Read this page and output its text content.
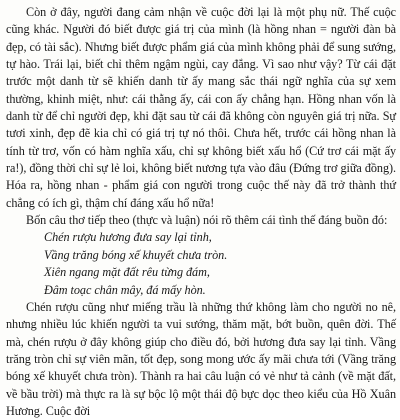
Còn ở đây, người đang cảm nhận về cuộc đời lại là một phụ nữ. Thế cuộc cũng khác. Người đó biết được giá trị của mình (là hồng nhan = người đàn bà đẹp, có tài sắc). Nhưng biết được phẩm giá của mình không phải để sung sướng, tự hào. Trái lại, biết chỉ thêm ngậm ngùi, cay đắng. Vì sao như vậy? Từ cái đặt trước một danh từ sẽ khiến danh từ ấy mang sắc thái ngữ nghĩa của sự xem thường, khinh miệt, như: cái thằng ấy, cái con ấy chẳng hạn. Hồng nhan vốn là danh từ để chỉ người đẹp, khi đặt sau từ cái đã không còn nguyên giá trị nữa. Sự tươi xinh, đẹp đẽ kia chỉ có giá trị tự nó thôi. Chưa hết, trước cái hồng nhan là tính từ trơ, vốn có hàm nghĩa xấu, chỉ sự không biết xấu hổ (Cứ trơ cái mặt ấy ra!), đồng thời chỉ sự lẻ loi, không biết nương tựa vào đâu (Đứng trơ giữa đồng). Hóa ra, hồng nhan - phẩm giá con người trong cuộc thế này đã trở thành thứ chẳng có ích gì, thậm chí đáng xấu hổ nữa!

Bốn câu thơ tiếp theo (thực và luận) nói rõ thêm cái tình thế đáng buồn đó:

Chén rượu hương đưa say lại tỉnh,
Vầng trăng bóng xế khuyết chưa tròn.
Xiên ngang mặt đất rêu từng đám,
Đâm toạc chân mây, đá mấy hòn.

Chén rượu cũng như miếng trầu là những thứ không làm cho người no nê, nhưng nhiều lúc khiến người ta vui sướng, thăm mặt, bớt buồn, quên đời. Thế mà, chén rượu ở đây không giúp cho điều đó, bởi hương đưa say lại tỉnh. Vầng trăng tròn chỉ sự viên mãn, tốt đẹp, song mong ước ấy mãi chưa tới (Vầng trăng bóng xế khuyết chưa tròn). Thành ra hai câu luận có vẻ như tả cảnh (về mặt đất, về bầu trời) mà thực ra là sự bộc lộ một thái độ bực dọc theo kiểu của Hồ Xuân Hương. Cuộc đời
